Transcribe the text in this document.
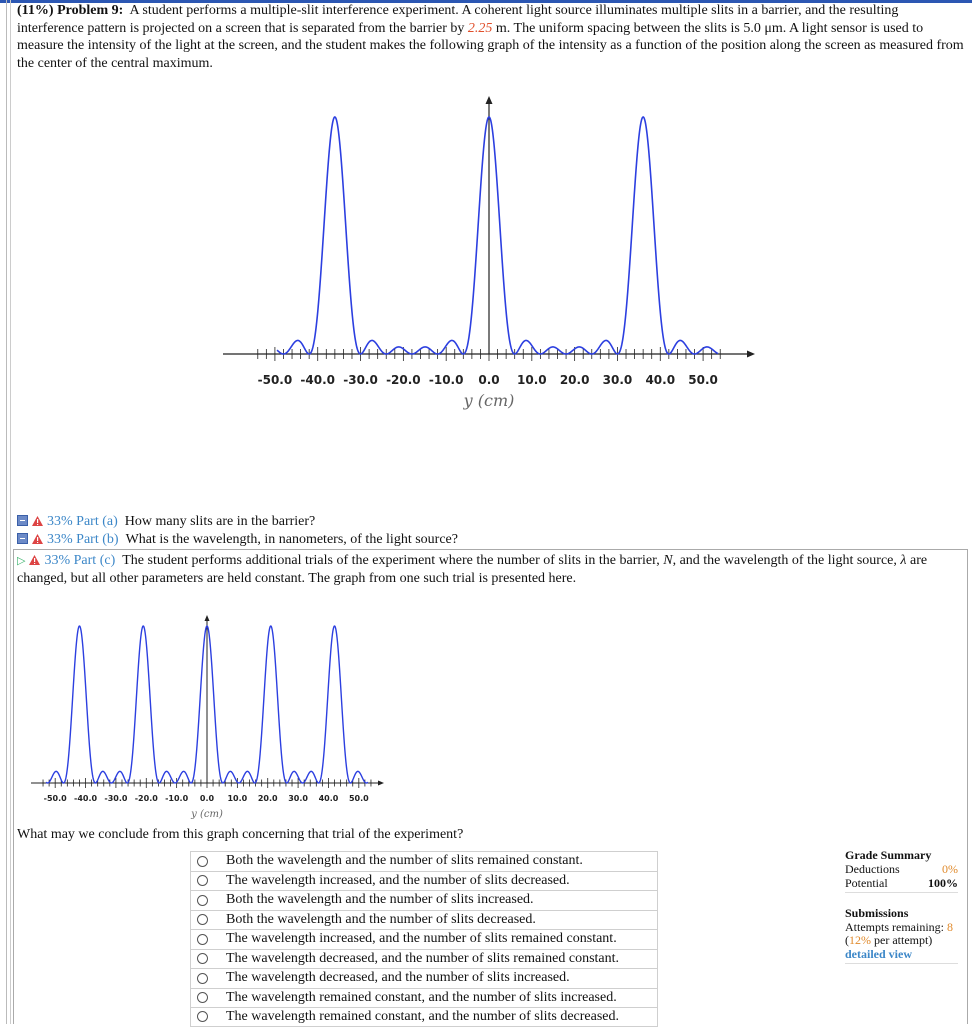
(11%) Problem 9: A student performs a multiple-slit interference experiment. A coherent light source illuminates multiple slits in a barrier, and the resulting interference pattern is projected on a screen that is separated from the barrier by 2.25 m. The uniform spacing between the slits is 5.0 μm. A light sensor is used to measure the intensity of the light at the screen, and the student makes the following graph of the intensity as a function of the position along the screen as measured from the center of the central maximum.
-50.0 -40.0 -30.0 -20.0 -10.0 0.0 10.0 20.0 30.0 40.0 50.0
y (cm)
33% Part (a) How many slits are in the barrier?
33% Part (b) What is the wavelength, in nanometers, of the light source?
▷ 33% Part (c) The student performs additional trials of the experiment where the number of slits in the barrier, N, and the wavelength of the light source, λ are changed, but all other parameters are held constant. The graph from one such trial is presented here.
-50.0 -40.0 -30.0 -20.0 -10.0 0.0 10.0 20.0 30.0 40.0 50.0
y (cm)
What may we conclude from this graph concerning that trial of the experiment?
Both the wavelength and the number of slits remained constant.
The wavelength increased, and the number of slits decreased.
Both the wavelength and the number of slits increased.
Both the wavelength and the number of slits decreased.
The wavelength increased, and the number of slits remained constant.
The wavelength decreased, and the number of slits remained constant.
The wavelength decreased, and the number of slits increased.
The wavelength remained constant, and the number of slits increased.
The wavelength remained constant, and the number of slits decreased.
Grade Summary
Deductions	0%
Potential	100%
Submissions
Attempts remaining: 8
(12% per attempt)
detailed view
